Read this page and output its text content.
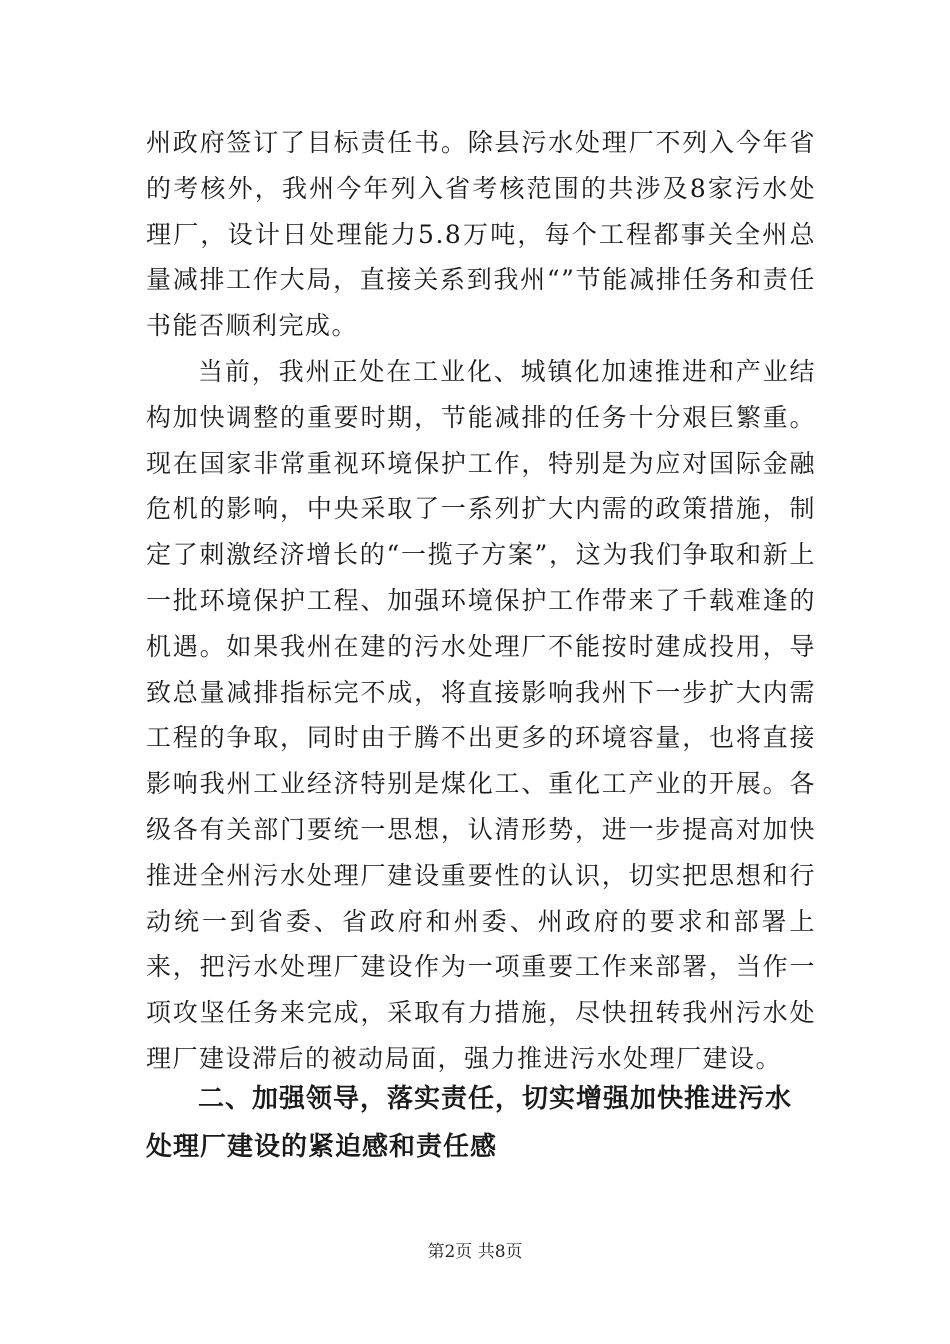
州政府签订了目标责任书。除县污水处理厂不列入今年省的考核外，我州今年列入省考核范围的共涉及8家污水处理厂，设计日处理能力5.8万吨，每个工程都事关全州总量减排工作大局，直接关系到我州“”节能减排任务和责任书能否顺利完成。

当前，我州正处在工业化、城镇化加速推进和产业结构加快调整的重要时期，节能减排的任务十分艰巨繁重。现在国家非常重视环境保护工作，特别是为应对国际金融危机的影响，中央采取了一系列扩大内需的政策措施，制定了刺激经济增长的“一揽子方案”，这为我们争取和新上一批环境保护工程、加强环境保护工作带来了千载难逢的机遇。如果我州在建的污水处理厂不能按时建成投用，导致总量减排指标完不成，将直接影响我州下一步扩大内需工程的争取，同时由于腾不出更多的环境容量，也将直接影响我州工业经济特别是煤化工、重化工产业的开展。各级各有关部门要统一思想，认清形势，进一步提高对加快推进全州污水处理厂建设重要性的认识，切实把思想和行动统一到省委、省政府和州委、州政府的要求和部署上来，把污水处理厂建设作为一项重要工作来部署，当作一项攻坚任务来完成，采取有力措施，尽快扭转我州污水处理厂建设滞后的被动局面，强力推进污水处理厂建设。

二、加强领导，落实责任，切实增强加快推进污水处理厂建设的紧迫感和责任感
第2页 共8页
